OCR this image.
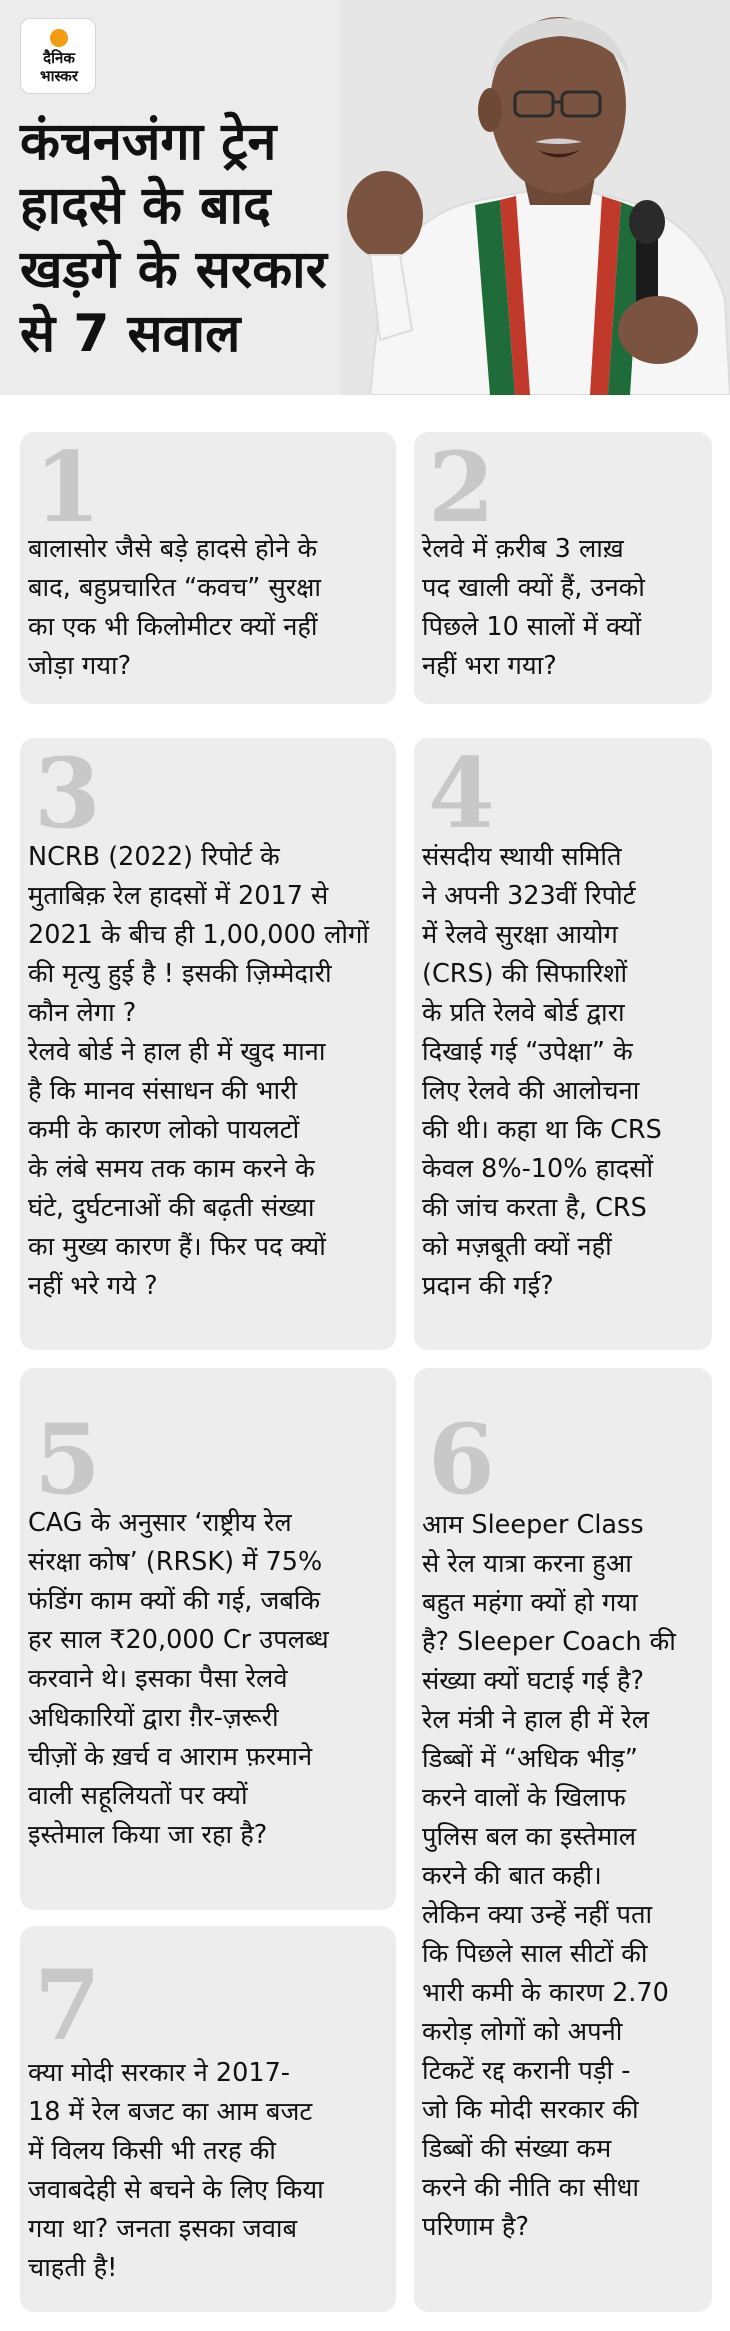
दैनिक
भास्कर
कंचनजंगा ट्रेन हादसे के बाद खड़गे के सरकार से 7 सवाल
1
बालासोर जैसे बड़े हादसे होने के
बाद, बहुप्रचारित “कवच” सुरक्षा
का एक भी किलोमीटर क्यों नहीं
जोड़ा गया?
2
रेलवे में क़रीब 3 लाख़
पद खाली क्यों हैं, उनको
पिछले 10 सालों में क्यों
नहीं भरा गया?
3
NCRB (2022) रिपोर्ट के
मुताबिक़ रेल हादसों में 2017 से
2021 के बीच ही 1,00,000 लोगों
की मृत्यु हुई है ! इसकी ज़िम्मेदारी
कौन लेगा ?
रेलवे बोर्ड ने हाल ही में खुद माना
है कि मानव संसाधन की भारी
कमी के कारण लोको पायलटों
के लंबे समय तक काम करने के
घंटे, दुर्घटनाओं की बढ़ती संख्या
का मुख्य कारण हैं। फिर पद क्यों
नहीं भरे गये ?
4
संसदीय स्थायी समिति
ने अपनी 323वीं रिपोर्ट
में रेलवे सुरक्षा आयोग
(CRS) की सिफारिशों
के प्रति रेलवे बोर्ड द्वारा
दिखाई गई “उपेक्षा” के
लिए रेलवे की आलोचना
की थी। कहा था कि CRS
केवल 8%-10% हादसों
की जांच करता है, CRS
को मज़बूती क्यों नहीं
प्रदान की गई?
5
CAG के अनुसार ‘राष्ट्रीय रेल
संरक्षा कोष’ (RRSK) में 75%
फंडिंग काम क्यों की गई, जबकि
हर साल ₹20,000 Cr उपलब्ध
करवाने थे। इसका पैसा रेलवे
अधिकारियों द्वारा ग़ैर-ज़रूरी
चीज़ों के ख़र्च व आराम फ़रमाने
वाली सहूलियतों पर क्यों
इस्तेमाल किया जा रहा है?
6
आम Sleeper Class
से रेल यात्रा करना हुआ
बहुत महंगा क्यों हो गया
है? Sleeper Coach की
संख्या क्यों घटाई गई है?
रेल मंत्री ने हाल ही में रेल
डिब्बों में “अधिक भीड़”
करने वालों के खिलाफ
पुलिस बल का इस्तेमाल
करने की बात कही।
लेकिन क्या उन्हें नहीं पता
कि पिछले साल सीटों की
भारी कमी के कारण 2.70
करोड़ लोगों को अपनी
टिकटें रद्द करानी पड़ी -
जो कि मोदी सरकार की
डिब्बों की संख्या कम
करने की नीति का सीधा
परिणाम है?
7
क्या मोदी सरकार ने 2017-
18 में रेल बजट का आम बजट
में विलय किसी भी तरह की
जवाबदेही से बचने के लिए किया
गया था? जनता इसका जवाब
चाहती है!
